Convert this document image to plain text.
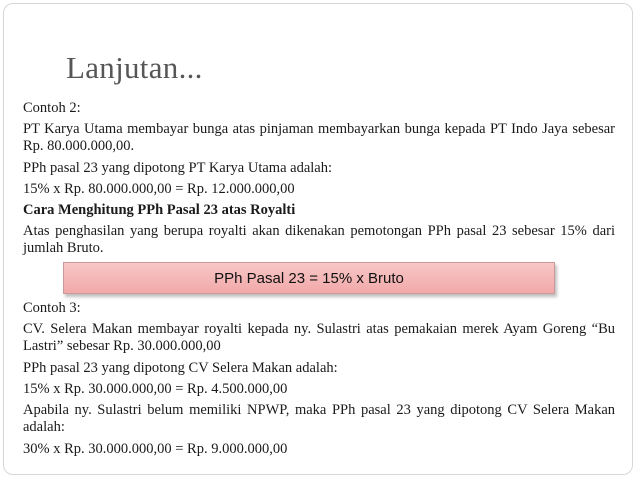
Lanjutan...

Contoh 2:

PT Karya Utama membayar bunga atas pinjaman membayarkan bunga kepada PT Indo Jaya sebesar Rp. 80.000.000,00.

PPh pasal 23 yang dipotong PT Karya Utama adalah:

15% x Rp. 80.000.000,00 = Rp. 12.000.000,00

Cara Menghitung PPh Pasal 23 atas Royalti

Atas penghasilan yang berupa royalti akan dikenakan pemotongan PPh pasal 23 sebesar 15% dari jumlah Bruto.

PPh Pasal 23 = 15% x Bruto

Contoh 3:

CV. Selera Makan membayar royalti kepada ny. Sulastri atas pemakaian merek Ayam Goreng “Bu Lastri” sebesar Rp. 30.000.000,00

PPh pasal 23 yang dipotong CV Selera Makan adalah:

15% x Rp. 30.000.000,00 = Rp. 4.500.000,00

Apabila ny. Sulastri belum memiliki NPWP, maka PPh pasal 23 yang dipotong CV Selera Makan adalah:

30% x Rp. 30.000.000,00 = Rp. 9.000.000,00
